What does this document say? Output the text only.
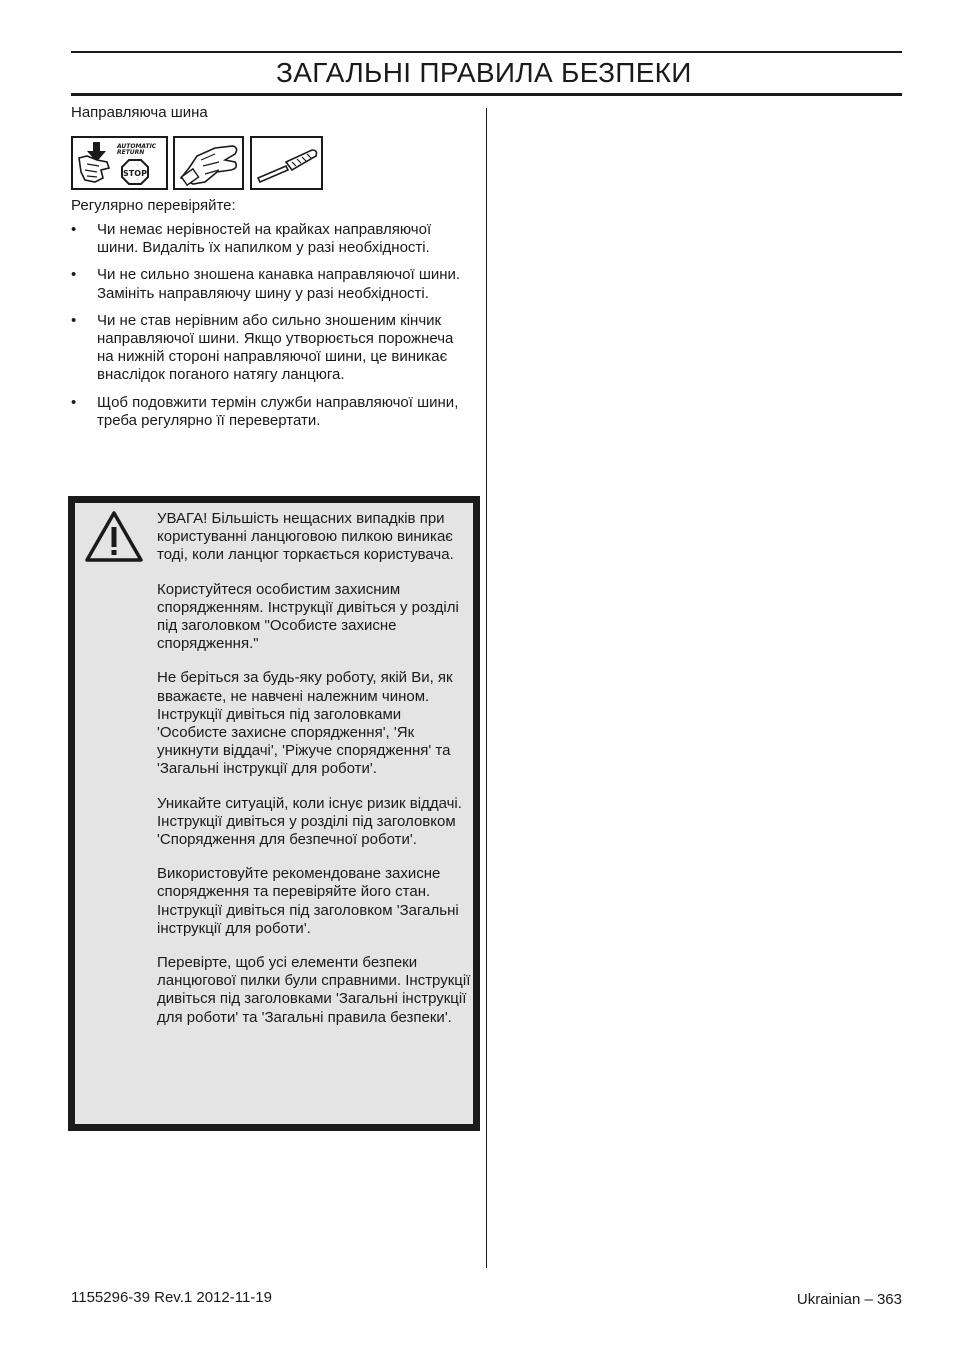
ЗАГАЛЬНІ ПРАВИЛА БЕЗПЕКИ
Направляюча шина
AUTOMATIC
RETURN
STOP
Регулярно перевіряйте:
• Чи немає нерівностей на крайках направляючої шини. Видаліть їх напилком у разі необхідності.
• Чи не сильно зношена канавка направляючої шини. Замініть направляючу шину у разі необхідності.
• Чи не став нерівним або сильно зношеним кінчик направляючої шини. Якщо утворюється порожнеча на нижній стороні направляючої шини, це виникає внаслідок поганого натягу ланцюга.
• Щоб подовжити термін служби направляючої шини, треба регулярно її перевертати.

УВАГА! Більшість нещасних випадків при користуванні ланцюговою пилкою виникає тоді, коли ланцюг торкається користувача.

Користуйтеся особистим захисним спорядженням. Інструкції дивіться у розділі під заголовком "Особисте захисне спорядження."

Не беріться за будь-яку роботу, якій Ви, як вважаєте, не навчені належним чином. Інструкції дивіться під заголовками 'Особисте захисне спорядження', 'Як уникнути віддачі', 'Ріжуче спорядження' та 'Загальні інструкції для роботи'.

Уникайте ситуацій, коли існує ризик віддачі. Інструкції дивіться у розділі під заголовком 'Спорядження для безпечної роботи'.

Використовуйте рекомендоване захисне спорядження та перевіряйте його стан. Інструкції дивіться під заголовком 'Загальні інструкції для роботи'.

Перевірте, щоб усі елементи безпеки ланцюгової пилки були справними. Інструкції дивіться під заголовками 'Загальні інструкції для роботи' та 'Загальні правила безпеки'.

1155296-39 Rev.1 2012-11-19	Ukrainian – 363
